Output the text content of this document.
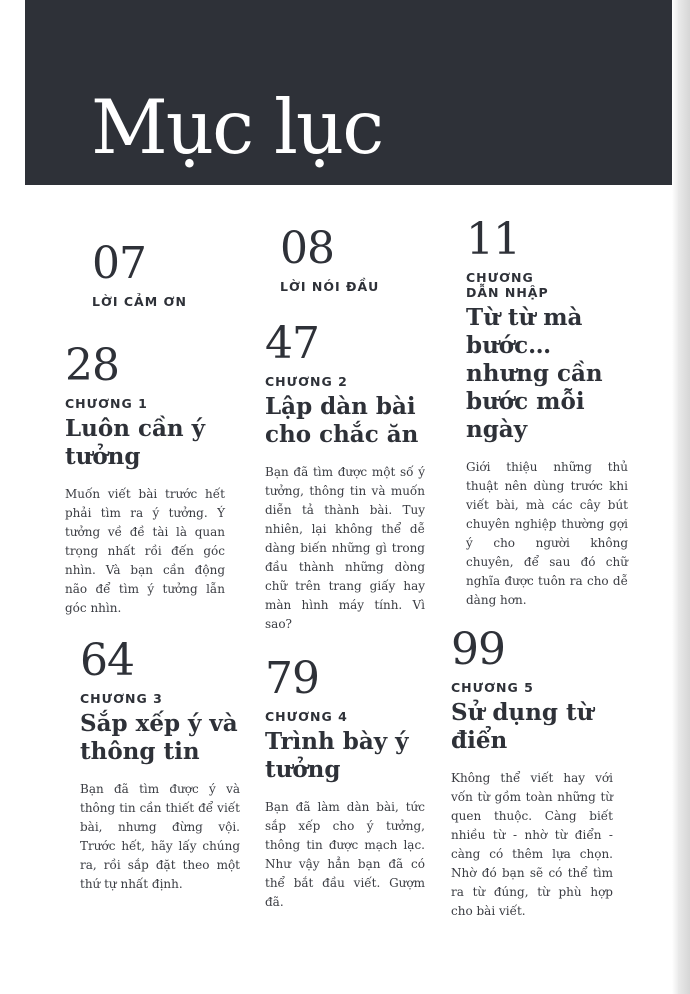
Mục lục
07
LỜI CẢM ƠN
08
LỜI NÓI ĐẦU
11
CHƯƠNG
DẪN NHẬP
Từ từ mà bước… nhưng cần bước mỗi ngày
Giới thiệu những thủ thuật nên dùng trước khi viết bài, mà các cây bút chuyên nghiệp thường gợi ý cho người không chuyên, để sau đó chữ nghĩa được tuôn ra cho dễ dàng hơn.
28
CHƯƠNG 1
Luôn cần ý tưởng
Muốn viết bài trước hết phải tìm ra ý tưởng. Ý tưởng về đề tài là quan trọng nhất rồi đến góc nhìn. Và bạn cần động não để tìm ý tưởng lẫn góc nhìn.
47
CHƯƠNG 2
Lập dàn bài cho chắc ăn
Bạn đã tìm được một số ý tưởng, thông tin và muốn diễn tả thành bài. Tuy nhiên, lại không thể dễ dàng biến những gì trong đầu thành những dòng chữ trên trang giấy hay màn hình máy tính. Vì sao?
64
CHƯƠNG 3
Sắp xếp ý và thông tin
Bạn đã tìm được ý và thông tin cần thiết để viết bài, nhưng đừng vội. Trước hết, hãy lấy chúng ra, rồi sắp đặt theo một thứ tự nhất định.
79
CHƯƠNG 4
Trình bày ý tưởng
Bạn đã làm dàn bài, tức sắp xếp cho ý tưởng, thông tin được mạch lạc. Như vậy hẳn bạn đã có thể bắt đầu viết. Gượm đã.
99
CHƯƠNG 5
Sử dụng từ điển
Không thể viết hay với vốn từ gồm toàn những từ quen thuộc. Càng biết nhiều từ - nhờ từ điển - càng có thêm lựa chọn. Nhờ đó bạn sẽ có thể tìm ra từ đúng, từ phù hợp cho bài viết.
